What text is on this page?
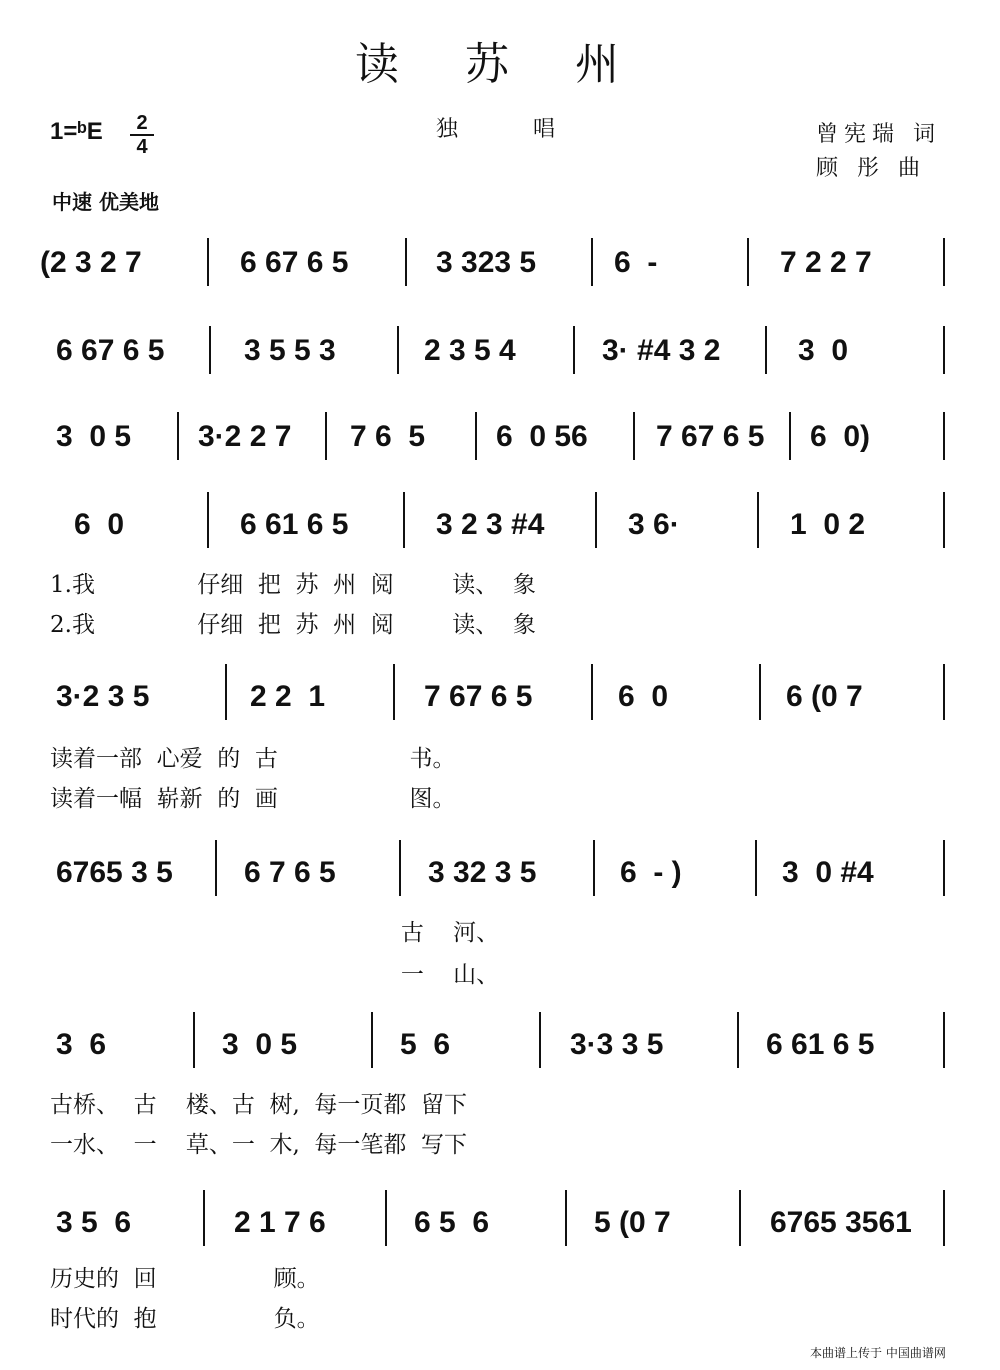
读 苏 州
1=ᵇE	2
4
独 唱
中速 优美地
曾宪瑞 词
顾 彤 曲
(2 3 2 7	6 67 6 5	3 323 5	6  -	7 2 2 7
6 67 6 5	3 5 5 3	2 3 5 4	3· #4 3 2	3  0
3  0 5 3·2 2 7 7 6  5 6  0 56 7 67 6 5 6  0)
6  0	6 61 6 5	3 2 3 #4	3 6·	1  0 2
1.我              仔细  把  苏  州  阅        读、  象
2.我              仔细  把  苏  州  阅        读、  象
3·2 3 5	2 2  1	7 67 6 5	6  0	6 (0 7
读着一部  心爱  的  古                  书。
读着一幅  崭新  的  画                  图。
6765 3 5 6 7 6 5	3 32 3 5	6  - )	3  0 #4
古    河、
一    山、
3  6	3  0 5	5  6	3·3 3 5	6 61 6 5
古桥、  古    楼、古  树,  每一页都  留下
一水、  一    草、一  木,  每一笔都  写下
3 5  6	2 1 7 6	6 5  6	5 (0 7	6765 3561
历史的  回                顾。
时代的  抱                负。
本曲谱上传于 中国曲谱网
